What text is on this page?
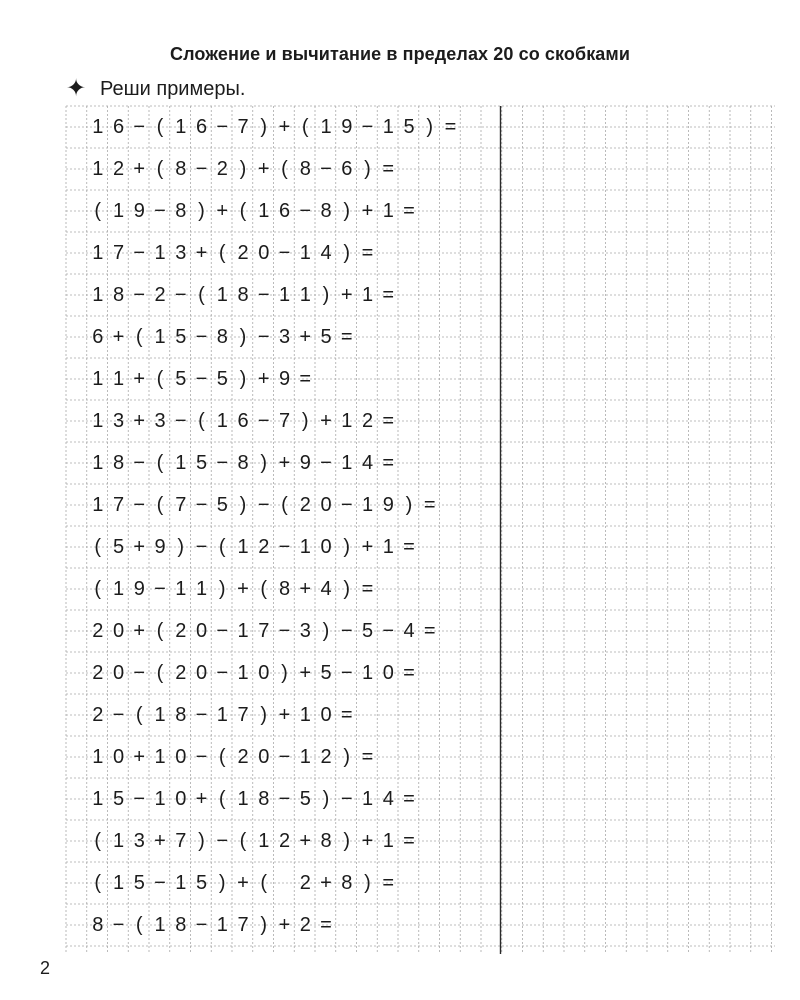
Сложение и вычитание в пределах 20 со скобками
✦ Реши примеры.
1 6 − ( 1 6 − 7 ) + ( 1 9 − 1 5 ) =
1 2 + ( 8 − 2 ) + ( 8 − 6 ) =
( 1 9 − 8 ) + ( 1 6 − 8 ) + 1 =
1 7 − 1 3 + ( 2 0 − 1 4 ) =
1 8 − 2 − ( 1 8 − 1 1 ) + 1 =
6 + ( 1 5 − 8 ) − 3 + 5 =
1 1 + ( 5 − 5 ) + 9 =
1 3 + 3 − ( 1 6 − 7 ) + 1 2 =
1 8 − ( 1 5 − 8 ) + 9 − 1 4 =
1 7 − ( 7 − 5 ) − ( 2 0 − 1 9 ) =
( 5 + 9 ) − ( 1 2 − 1 0 ) + 1 =
( 1 9 − 1 1 ) + ( 8 + 4 ) =
2 0 + ( 2 0 − 1 7 − 3 ) − 5 − 4 =
2 0 − ( 2 0 − 1 0 ) + 5 − 1 0 =
2 − ( 1 8 − 1 7 ) + 1 0 =
1 0 + 1 0 − ( 2 0 − 1 2 ) =
1 5 − 1 0 + ( 1 8 − 5 ) − 1 4 =
( 1 3 + 7 ) − ( 1 2 + 8 ) + 1 =
( 1 5 − 1 5 ) + (	2 + 8 ) =
8 − ( 1 8 − 1 7 ) + 2 =
2
